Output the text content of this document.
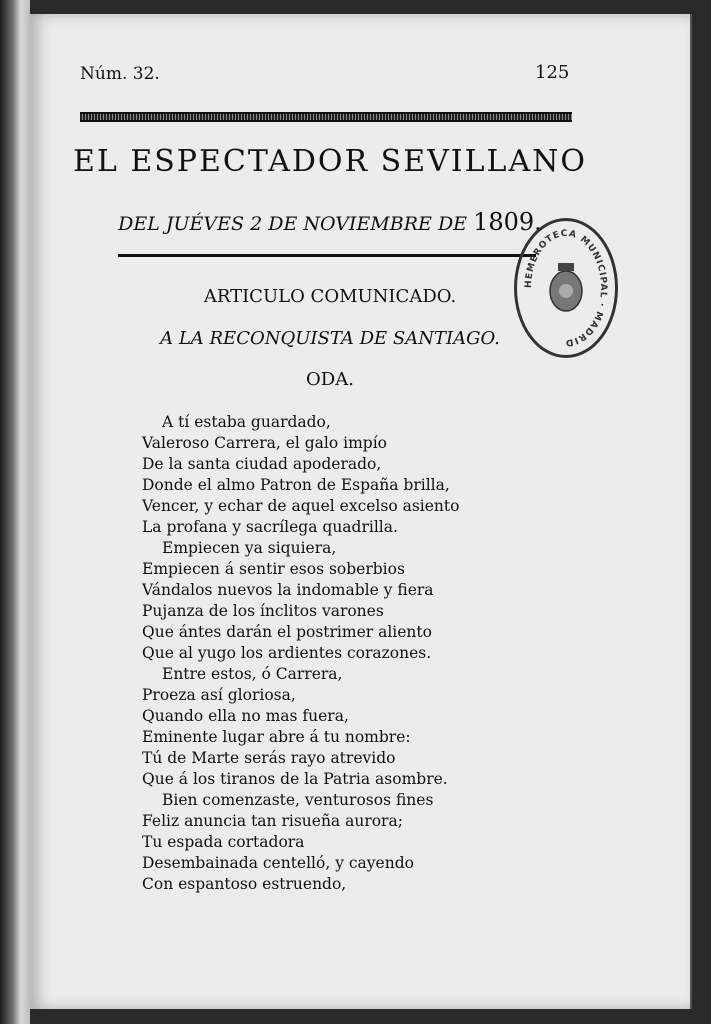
Núm. 32.	125
EL ESPECTADOR SEVILLANO
DEL JUÉVES 2 DE NOVIEMBRE DE 1809.
ARTICULO COMUNICADO.
A LA RECONQUISTA DE SANTIAGO.
ODA.
A tí estaba guardado,
Valeroso Carrera, el galo impío
De la santa ciudad apoderado,
Donde el almo Patron de España brilla,
Vencer, y echar de aquel excelso asiento
La profana y sacrílega quadrilla.
Empiecen ya siquiera,
Empiecen á sentir esos soberbios
Vándalos nuevos la indomable y fiera
Pujanza de los ínclitos varones
Que ántes darán el postrimer aliento
Que al yugo los ardientes corazones.
Entre estos, ó Carrera,
Proeza así gloriosa,
Quando ella no mas fuera,
Eminente lugar abre á tu nombre:
Tú de Marte serás rayo atrevido
Que á los tiranos de la Patria asombre.
Bien comenzaste, venturosos fines
Feliz anuncia tan risueña aurora;
Tu espada cortadora
Desembainada centelló, y cayendo
Con espantoso estruendo,
HEMEROTECA MUNICIPAL · MADRID
